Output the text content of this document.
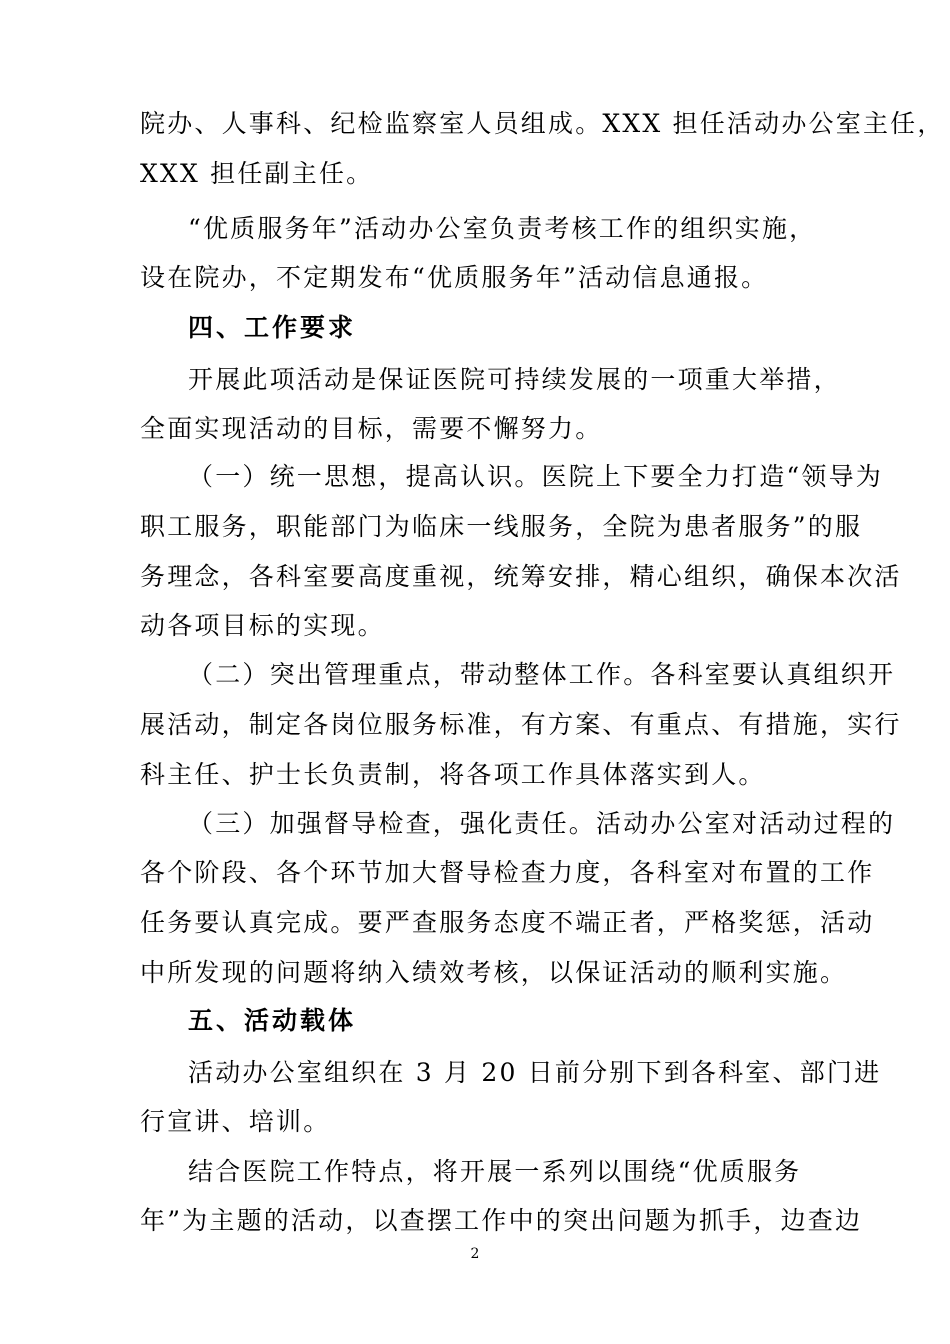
院办、人事科、纪检监察室人员组成。XXX 担任活动办公室主任，
XXX 担任副主任。
“优质服务年”活动办公室负责考核工作的组织实施，
设在院办，不定期发布“优质服务年”活动信息通报。
四、工作要求
开展此项活动是保证医院可持续发展的一项重大举措，
全面实现活动的目标，需要不懈努力。
（一）统一思想，提高认识。医院上下要全力打造“领导为
职工服务，职能部门为临床一线服务，全院为患者服务”的服
务理念，各科室要高度重视，统筹安排，精心组织，确保本次活
动各项目标的实现。
（二）突出管理重点，带动整体工作。各科室要认真组织开
展活动，制定各岗位服务标准，有方案、有重点、有措施，实行
科主任、护士长负责制，将各项工作具体落实到人。
（三）加强督导检查，强化责任。活动办公室对活动过程的
各个阶段、各个环节加大督导检查力度，各科室对布置的工作
任务要认真完成。要严查服务态度不端正者，严格奖惩，活动
中所发现的问题将纳入绩效考核，以保证活动的顺利实施。
五、活动载体
活动办公室组织在 3 月 20 日前分别下到各科室、部门进
行宣讲、培训。
结合医院工作特点，将开展一系列以围绕“优质服务
年”为主题的活动，以查摆工作中的突出问题为抓手，边查边
2
